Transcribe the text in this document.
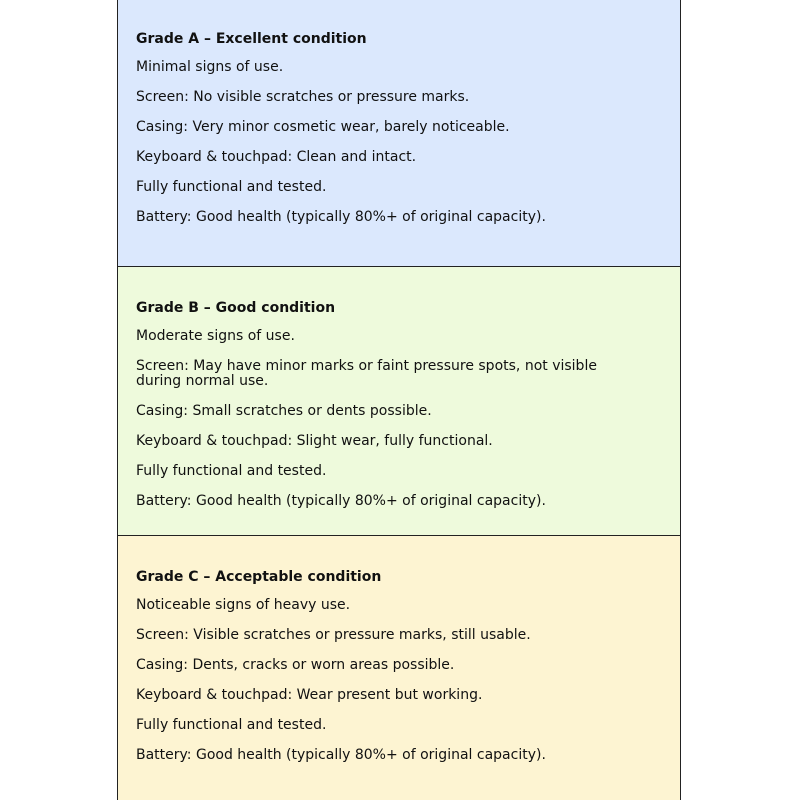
Grade A – Excellent condition
Minimal signs of use.
Screen: No visible scratches or pressure marks.
Casing: Very minor cosmetic wear, barely noticeable.
Keyboard & touchpad: Clean and intact.
Fully functional and tested.
Battery: Good health (typically 80%+ of original capacity).
Grade B – Good condition
Moderate signs of use.
Screen: May have minor marks or faint pressure spots, not visible during normal use.
Casing: Small scratches or dents possible.
Keyboard & touchpad: Slight wear, fully functional.
Fully functional and tested.
Battery: Good health (typically 80%+ of original capacity).
Grade C – Acceptable condition
Noticeable signs of heavy use.
Screen: Visible scratches or pressure marks, still usable.
Casing: Dents, cracks or worn areas possible.
Keyboard & touchpad: Wear present but working.
Fully functional and tested.
Battery: Good health (typically 80%+ of original capacity).
